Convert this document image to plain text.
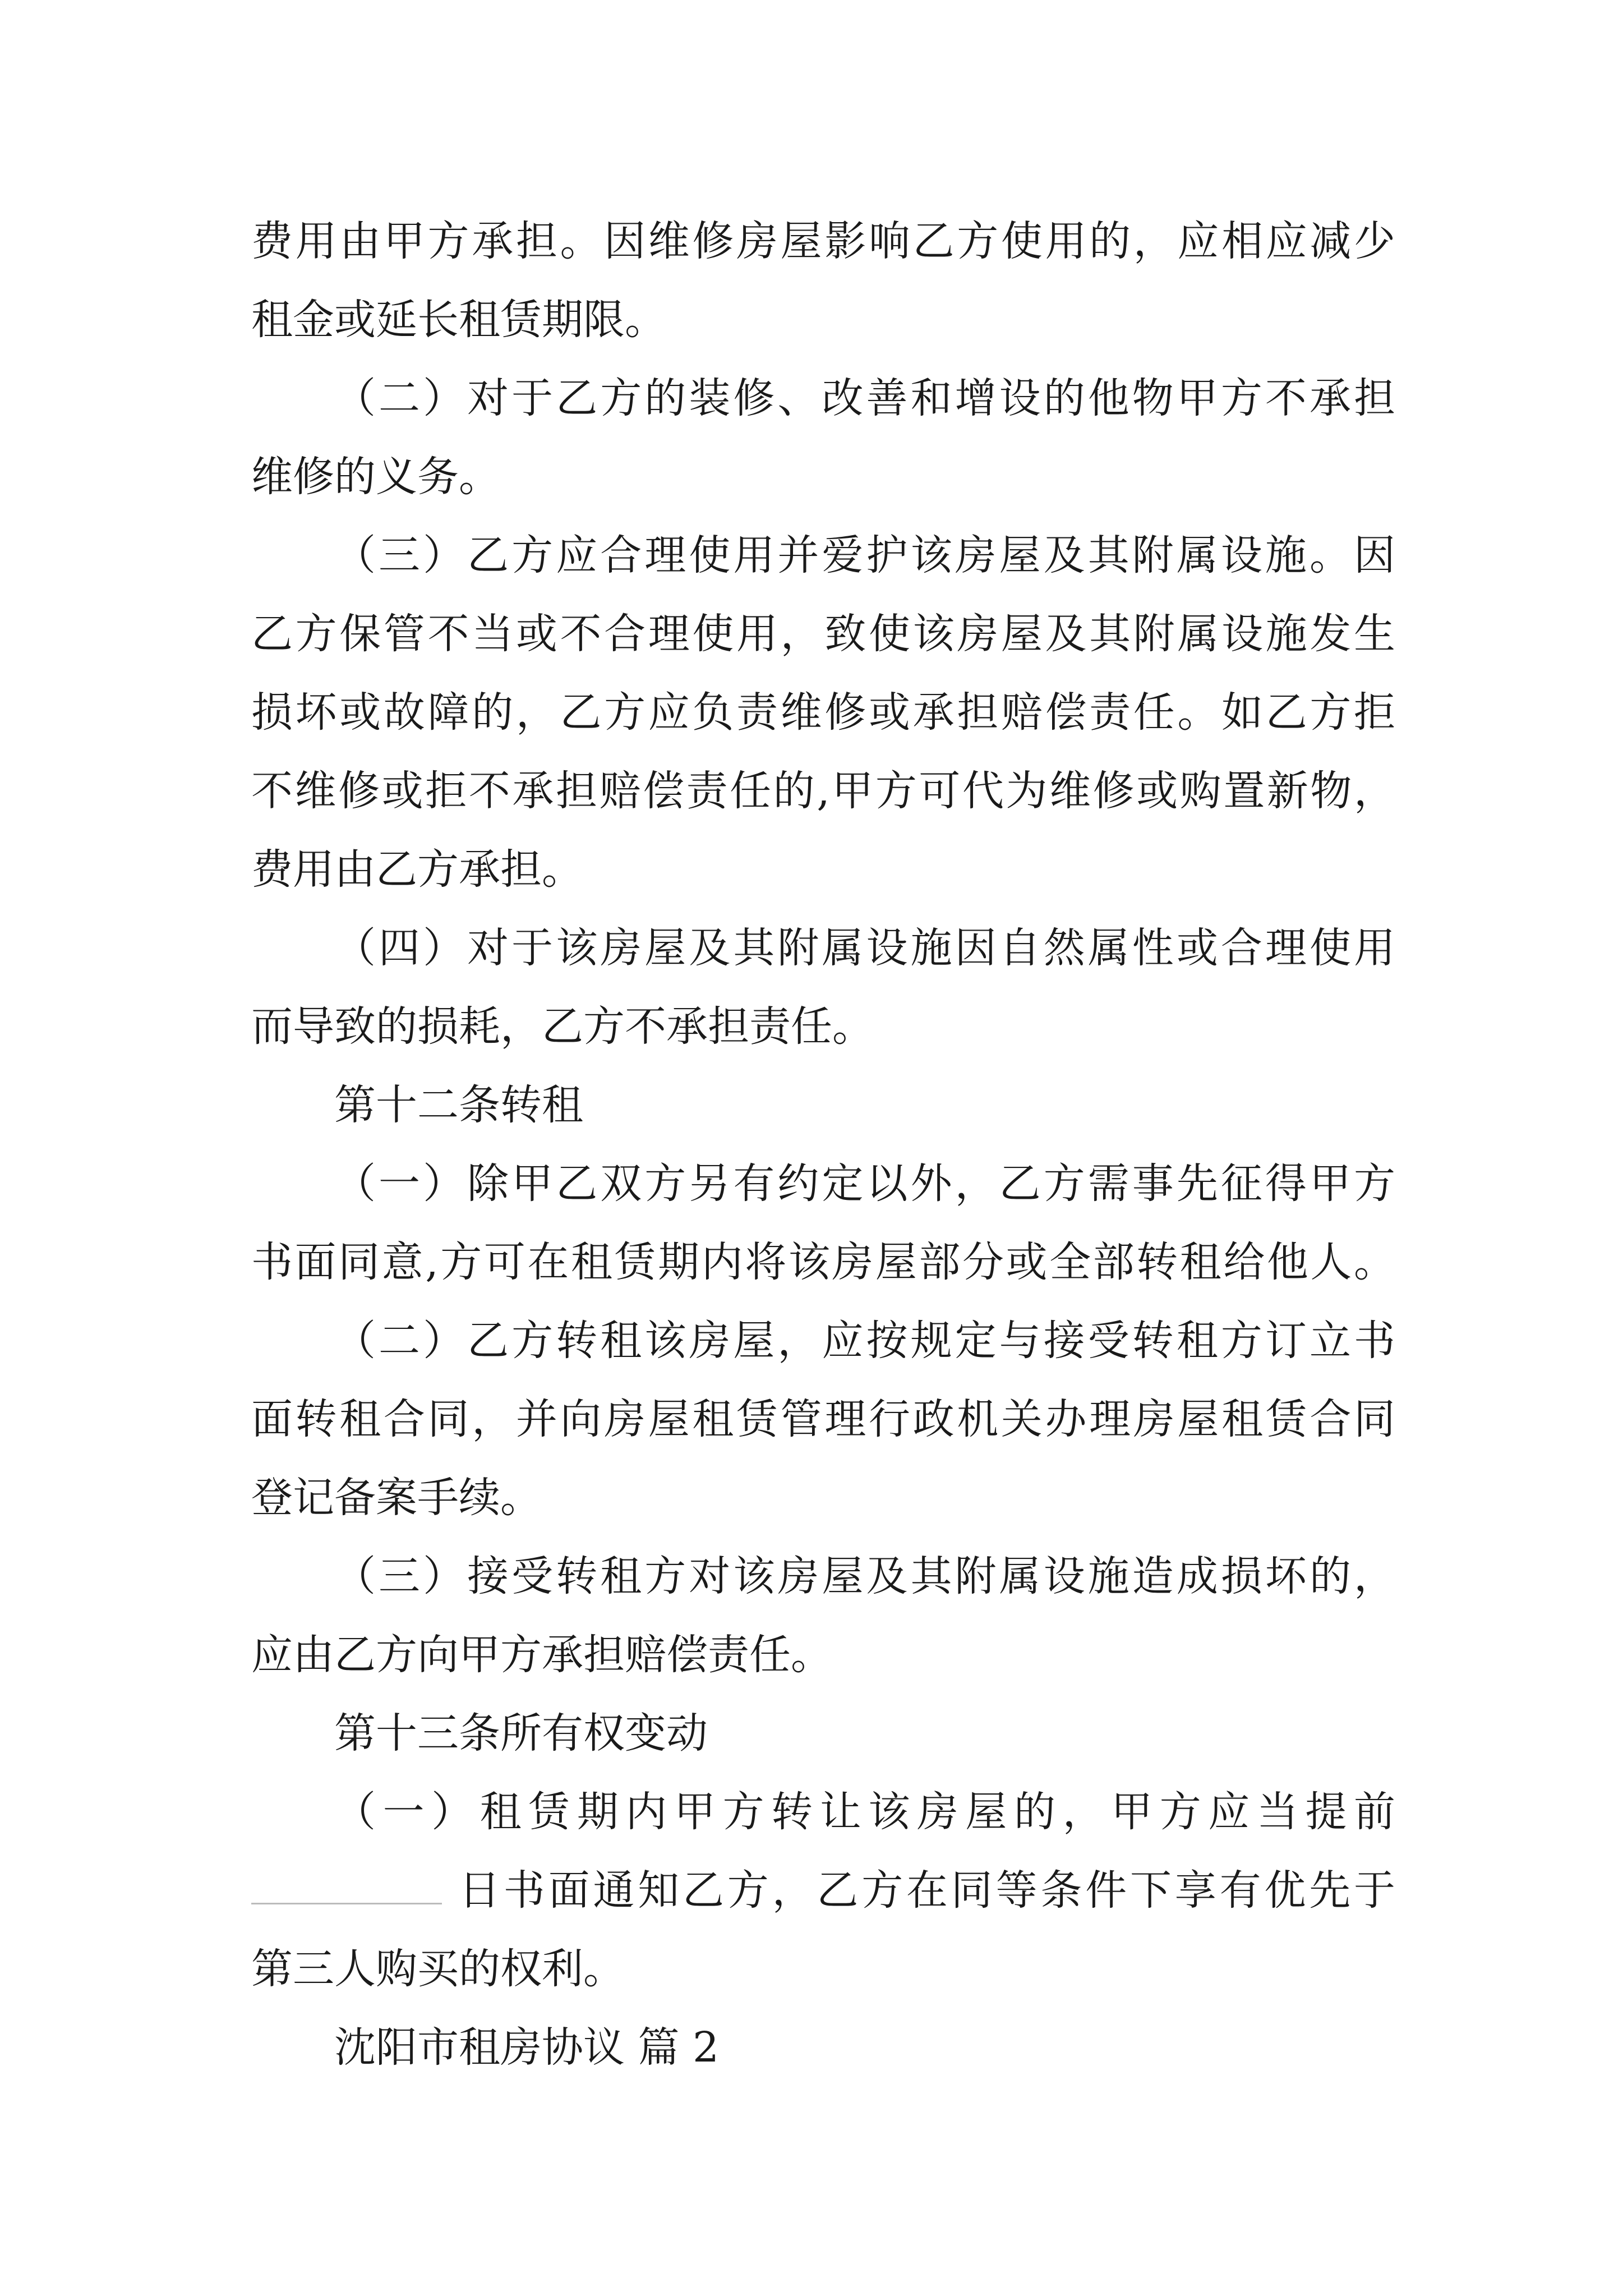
费用由甲方承担。因维修房屋影响乙方使用的，应相应减少
租金或延长租赁期限。
（二）对于乙方的装修、改善和增设的他物甲方不承担
维修的义务。
（三）乙方应合理使用并爱护该房屋及其附属设施。因
乙方保管不当或不合理使用，致使该房屋及其附属设施发生
损坏或故障的，乙方应负责维修或承担赔偿责任。如乙方拒
不维修或拒不承担赔偿责任的,甲方可代为维修或购置新物，
费用由乙方承担。
（四）对于该房屋及其附属设施因自然属性或合理使用
而导致的损耗，乙方不承担责任。
第十二条转租
（一）除甲乙双方另有约定以外，乙方需事先征得甲方
书面同意,方可在租赁期内将该房屋部分或全部转租给他人。
（二）乙方转租该房屋，应按规定与接受转租方订立书
面转租合同，并向房屋租赁管理行政机关办理房屋租赁合同
登记备案手续。
（三）接受转租方对该房屋及其附属设施造成损坏的，
应由乙方向甲方承担赔偿责任。
第十三条所有权变动
（一）租赁期内甲方转让该房屋的，甲方应当提前
日书面通知乙方，乙方在同等条件下享有优先于
第三人购买的权利。
沈阳市租房协议 篇 2
